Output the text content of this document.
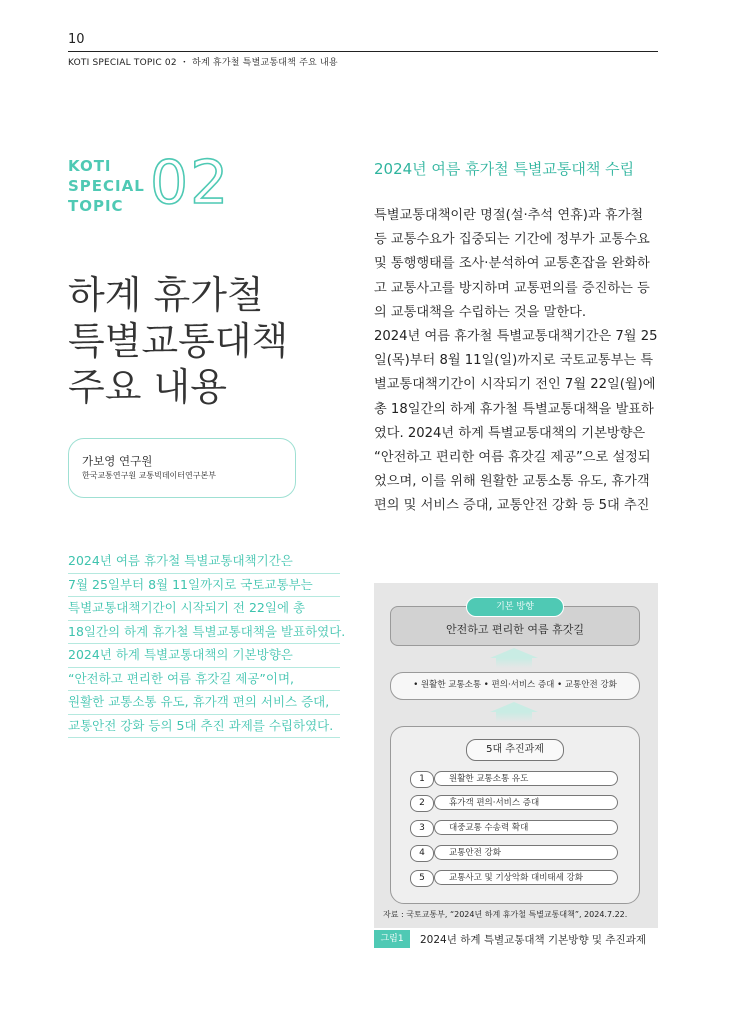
10
KOTI SPECIAL TOPIC 02 ・ 하계 휴가철 특별교통대책 주요 내용
KOTI
SPECIAL
TOPIC 02
하계 휴가철
특별교통대책
주요 내용
가보영 연구원
한국교통연구원 교통빅데이터연구본부
2024년 여름 휴가철 특별교통대책기간은
7월 25일부터 8월 11일까지로 국토교통부는
특별교통대책기간이 시작되기 전 22일에 총
18일간의 하계 휴가철 특별교통대책을 발표하였다.
2024년 하계 특별교통대책의 기본방향은
“안전하고 편리한 여름 휴갓길 제공”이며,
원활한 교통소통 유도, 휴가객 편의 서비스 증대,
교통안전 강화 등의 5대 추진 과제를 수립하였다.
2024년 여름 휴가철 특별교통대책 수립
특별교통대책이란 명절(설·추석 연휴)과 휴가철
등 교통수요가 집중되는 기간에 정부가 교통수요
및 통행행태를 조사·분석하여 교통혼잡을 완화하
고 교통사고를 방지하며 교통편의를 증진하는 등
의 교통대책을 수립하는 것을 말한다.
2024년 여름 휴가철 특별교통대책기간은 7월 25
일(목)부터 8월 11일(일)까지로 국토교통부는 특
별교통대책기간이 시작되기 전인 7월 22일(월)에
총 18일간의 하계 휴가철 특별교통대책을 발표하
였다. 2024년 하계 특별교통대책의 기본방향은
“안전하고 편리한 여름 휴갓길 제공”으로 설정되
었으며, 이를 위해 원활한 교통소통 유도, 휴가객
편의 및 서비스 증대, 교통안전 강화 등 5대 추진
기본 방향
안전하고 편리한 여름 휴갓길
• 원활한 교통소통 • 편의·서비스 증대 • 교통안전 강화
5대 추진과제
1	원활한 교통소통 유도
2	휴가객 편의·서비스 증대
3	대중교통 수송력 확대
4	교통안전 강화
5	교통사고 및 기상악화 대비태세 강화
자료 : 국토교통부, “2024년 하계 휴가철 특별교통대책”, 2024.7.22.
그림1	2024년 하계 특별교통대책 기본방향 및 추진과제
